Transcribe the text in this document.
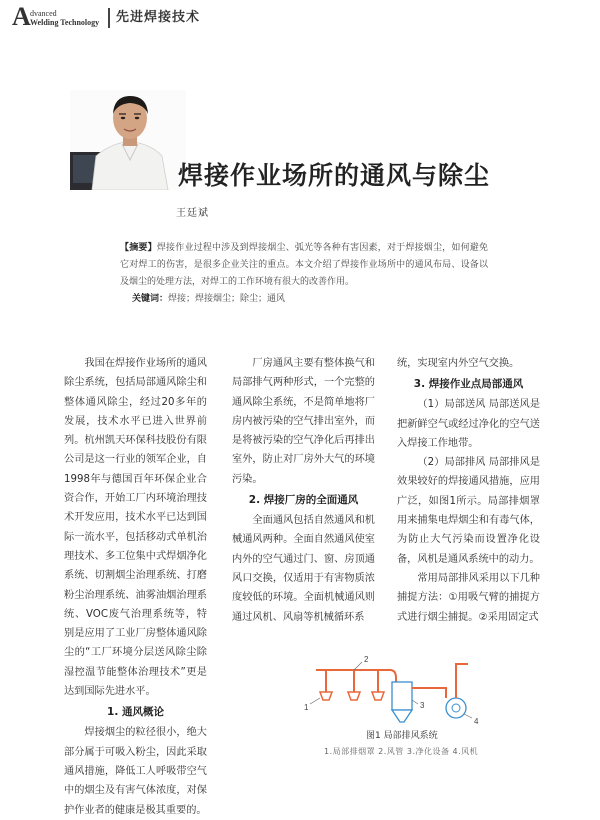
A dvanced
Welding Technology 先进焊接技术
焊接作业场所的通风与除尘
王廷斌
【摘要】焊接作业过程中涉及到焊接烟尘、弧光等各种有害因素，对于焊接烟尘，如何避免它对焊工的伤害，是很多企业关注的重点。本文介绍了焊接作业场所中的通风布局、设备以及烟尘的处理方法，对焊工的工作环境有很大的改善作用。
关键词：焊接；焊接烟尘；除尘；通风

我国在焊接作业场所的通风除尘系统，包括局部通风除尘和整体通风除尘，经过20多年的发展，技术水平已进入世界前列。杭州凯天环保科技股份有限公司是这一行业的领军企业，自1998年与德国百年环保企业合资合作，开始工厂内环境治理技术开发应用，技术水平已达到国际一流水平，包括移动式单机治理技术、多工位集中式焊烟净化系统、切割烟尘治理系统、打磨粉尘治理系统、油雾油烟治理系统、VOC废气治理系统等，特别是应用了工业厂房整体通风除尘的“工厂环境分层送风除尘除湿控温节能整体治理技术”更是达到国际先进水平。

1. 通风概论

焊接烟尘的粒径很小，绝大部分属于可吸入粉尘，因此采取通风措施，降低工人呼吸带空气中的烟尘及有害气体浓度，对保护作业者的健康是极其重要的。

厂房通风主要有整体换气和局部排气两种形式，一个完整的通风除尘系统，不是简单地将厂房内被污染的空气排出室外，而是将被污染的空气净化后再排出室外，防止对厂房外大气的环境污染。

2. 焊接厂房的全面通风

全面通风包括自然通风和机械通风两种。全面自然通风使室内外的空气通过门、窗、房顶通风口交换，仅适用于有害物质浓度较低的环境。全面机械通风则通过风机、风扇等机械循环系

统，实现室内外空气交换。

3. 焊接作业点局部通风

（1）局部送风 局部送风是把新鲜空气或经过净化的空气送入焊接工作地带。

（2）局部排风 局部排风是效果较好的焊接通风措施，应用广泛，如图1所示。局部排烟罩用来捕集电焊烟尘和有毒气体，为防止大气污染而设置净化设备，风机是通风系统中的动力。

常用局部排风采用以下几种捕捉方法：①用吸气臂的捕捉方式进行烟尘捕捉。②采用固定式

1
2
3
4
图1 局部排风系统
1.局部排烟罩 2.风管 3.净化设备 4.风机
